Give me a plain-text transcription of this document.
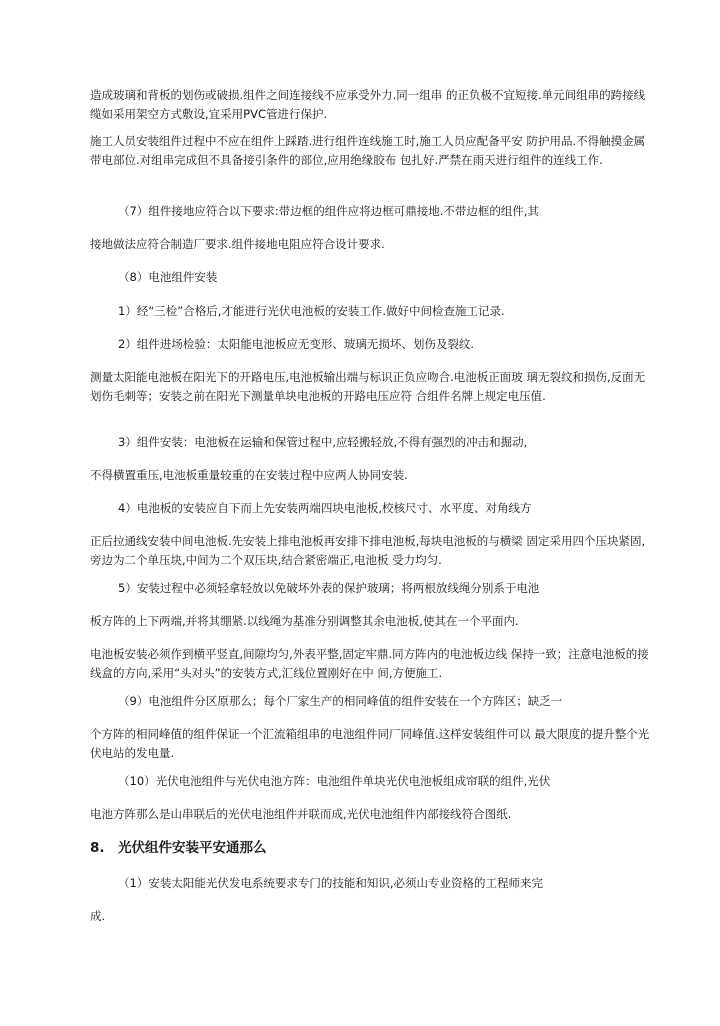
造成玻璃和背板的划伤或破损.组件之间连接线不应承受外力.同一组串 的正负极不宜短接.单元间组串的跨接线缆如采用架空方式敷设,宜采用PVC管进行保护.

施工人员安装组件过程中不应在组件上踩踏.进行组件连线施工时,施工人员应配备平安 防护用品.不得触摸金属带电部位.对组串完成但不具备接引条件的部位,应用绝缘胶布 包扎好.严禁在雨天进行组件的连线工作.

（7）组件接地应符合以下要求:带边框的组件应将边框可鼎接地.不带边框的组件,其

接地做法应符合制造厂要求.组件接地电阻应符合设计要求.

（8）电池组件安装

1）经“三检”合格后,才能进行光伏电池板的安装工作.做好中间检查施工记录.

2）组件进场检验：太阳能电池板应无变形、玻璃无损坏、划伤及裂纹.

测量太阳能电池板在阳光下的开路电压,电池板输出端与标识正负应吻合.电池板正面玻 璃无裂纹和损伤,反面无划伤毛刺等；安装之前在阳光下测量单块电池板的开路电压应符 合组件名牌上规定电压值.

3）组件安装：电池板在运输和保管过程中,应轻搬轻放,不得有强烈的冲击和掘动,

不得横置重压,电池板重量较重的在安装过程中应两人协同安装.

4）电池板的安装应自下而上先安装两端四块电池板,校核尺寸、水平度、对角线方

正后拉通线安装中间电池板.先安装上排电池板再安排下排电池板,每块电池板的与横梁 固定采用四个压块紧固,旁边为二个单压块,中间为二个双压块,结合紧密端正,电池板 受力均匀.

5）安装过程中必须轻拿轻放以免破坏外表的保护玻璃；将两根放线绳分别系于电池

板方阵的上下两端,并将其绷紧.以线绳为基准分别调整其余电池板,使其在一个平面内.

电池板安装必须作到横平竖直,间隙均匀,外表平整,固定牢鼎.同方阵内的电池板边线 保持一致；注意电池板的接线盒的方向,采用“头对头”的安装方式,汇线位置刚好在中 间,方便施工.

（9）电池组件分区原那么；每个厂家生产的相同峰值的组件安装在一个方阵区；缺乏一

个方阵的相同峰值的组件保证一个汇流箱组串的电池组件同厂同峰值.这样安装组件可以 最大限度的提升整个光伏电站的发电量.

（10）光伏电池组件与光伏电池方阵：电池组件单块光伏电池板组成帘联的组件,光伏

电池方阵那么是山串联后的光伏电池组件并联而成,光伏电池组件内部接线符合图纸.

8. 光伏组件安装平安通那么

（1）安装太阳能光伏发电系统要求专门的技能和知识,必须山专业资格的工程师来完

成.
